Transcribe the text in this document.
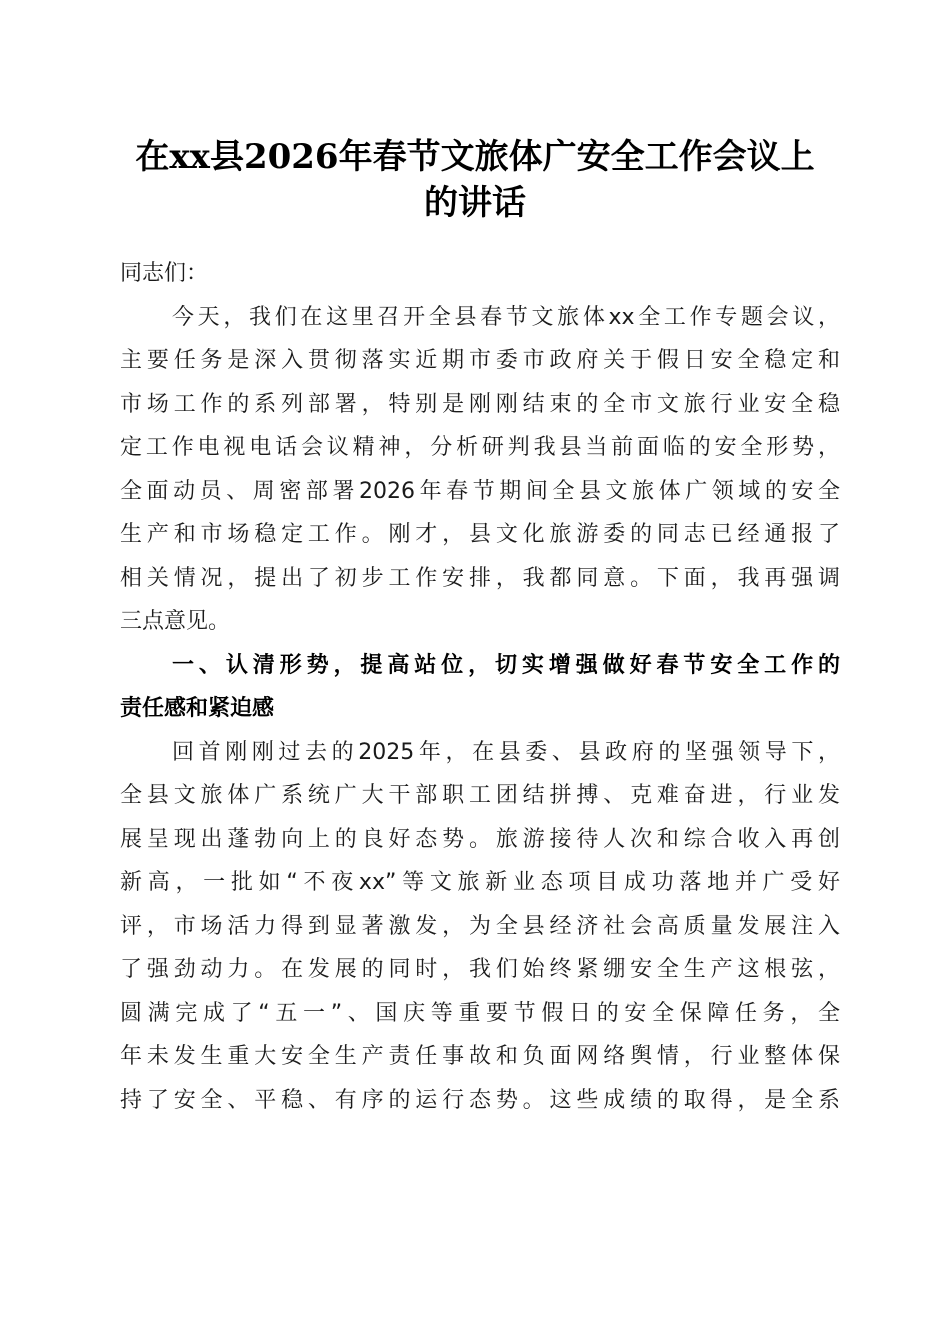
在xx县2026年春节文旅体广安全工作会议上
的讲话
同志们：
今天，我们在这里召开全县春节文旅体xx全工作专题会议，
主要任务是深入贯彻落实近期市委市政府关于假日安全稳定和
市场工作的系列部署，特别是刚刚结束的全市文旅行业安全稳
定工作电视电话会议精神，分析研判我县当前面临的安全形势，
全面动员、周密部署2026年春节期间全县文旅体广领域的安全
生产和市场稳定工作。刚才，县文化旅游委的同志已经通报了
相关情况，提出了初步工作安排，我都同意。下面，我再强调
三点意见。
一、认清形势，提高站位，切实增强做好春节安全工作的
责任感和紧迫感
回首刚刚过去的2025年，在县委、县政府的坚强领导下，
全县文旅体广系统广大干部职工团结拼搏、克难奋进，行业发
展呈现出蓬勃向上的良好态势。旅游接待人次和综合收入再创
新高，一批如“不夜xx”等文旅新业态项目成功落地并广受好
评，市场活力得到显著激发，为全县经济社会高质量发展注入
了强劲动力。在发展的同时，我们始终紧绷安全生产这根弦，
圆满完成了“五一”、国庆等重要节假日的安全保障任务，全
年未发生重大安全生产责任事故和负面网络舆情，行业整体保
持了安全、平稳、有序的运行态势。这些成绩的取得，是全系
